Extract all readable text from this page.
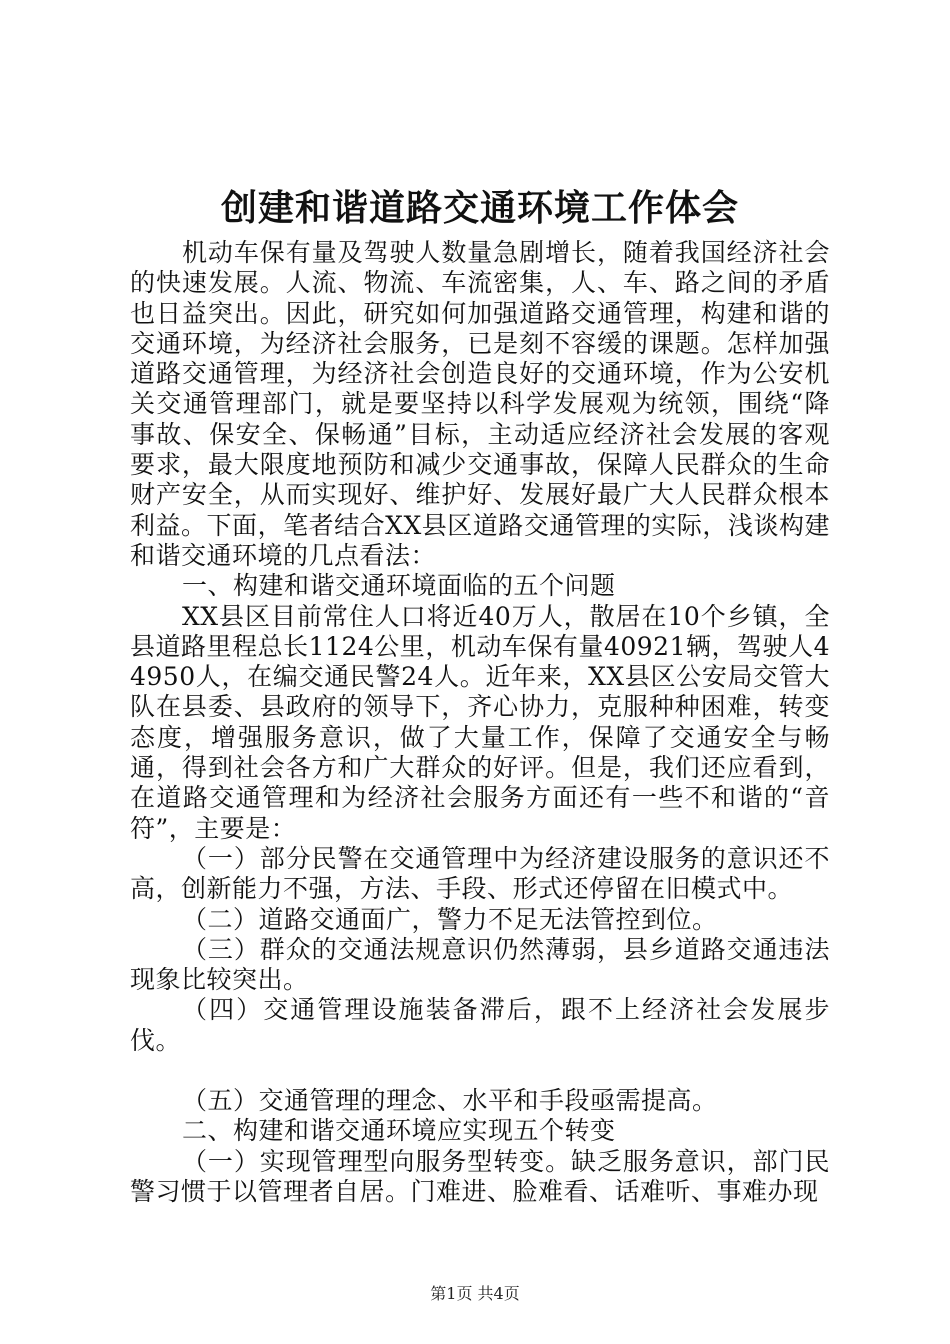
创建和谐道路交通环境工作体会

机动车保有量及驾驶人数量急剧增长，随着我国经济社会的快速发展。人流、物流、车流密集，人、车、路之间的矛盾也日益突出。因此，研究如何加强道路交通管理，构建和谐的交通环境，为经济社会服务，已是刻不容缓的课题。怎样加强道路交通管理，为经济社会创造良好的交通环境，作为公安机关交通管理部门，就是要坚持以科学发展观为统领，围绕“降事故、保安全、保畅通”目标，主动适应经济社会发展的客观要求，最大限度地预防和减少交通事故，保障人民群众的生命财产安全，从而实现好、维护好、发展好最广大人民群众根本利益。下面，笔者结合XX县区道路交通管理的实际，浅谈构建和谐交通环境的几点看法：

一、构建和谐交通环境面临的五个问题

XX县区目前常住人口将近40万人，散居在10个乡镇，全县道路里程总长1124公里，机动车保有量40921辆，驾驶人44950人，在编交通民警24人。近年来，XX县区公安局交管大队在县委、县政府的领导下，齐心协力，克服种种困难，转变态度，增强服务意识，做了大量工作，保障了交通安全与畅通，得到社会各方和广大群众的好评。但是，我们还应看到，在道路交通管理和为经济社会服务方面还有一些不和谐的“音符”，主要是：

（一）部分民警在交通管理中为经济建设服务的意识还不高，创新能力不强，方法、手段、形式还停留在旧模式中。

（二）道路交通面广，警力不足无法管控到位。

（三）群众的交通法规意识仍然薄弱，县乡道路交通违法现象比较突出。

（四）交通管理设施装备滞后，跟不上经济社会发展步伐。

（五）交通管理的理念、水平和手段亟需提高。

二、构建和谐交通环境应实现五个转变

（一）实现管理型向服务型转变。缺乏服务意识，部门民警习惯于以管理者自居。门难进、脸难看、话难听、事难办现

第1页 共4页
